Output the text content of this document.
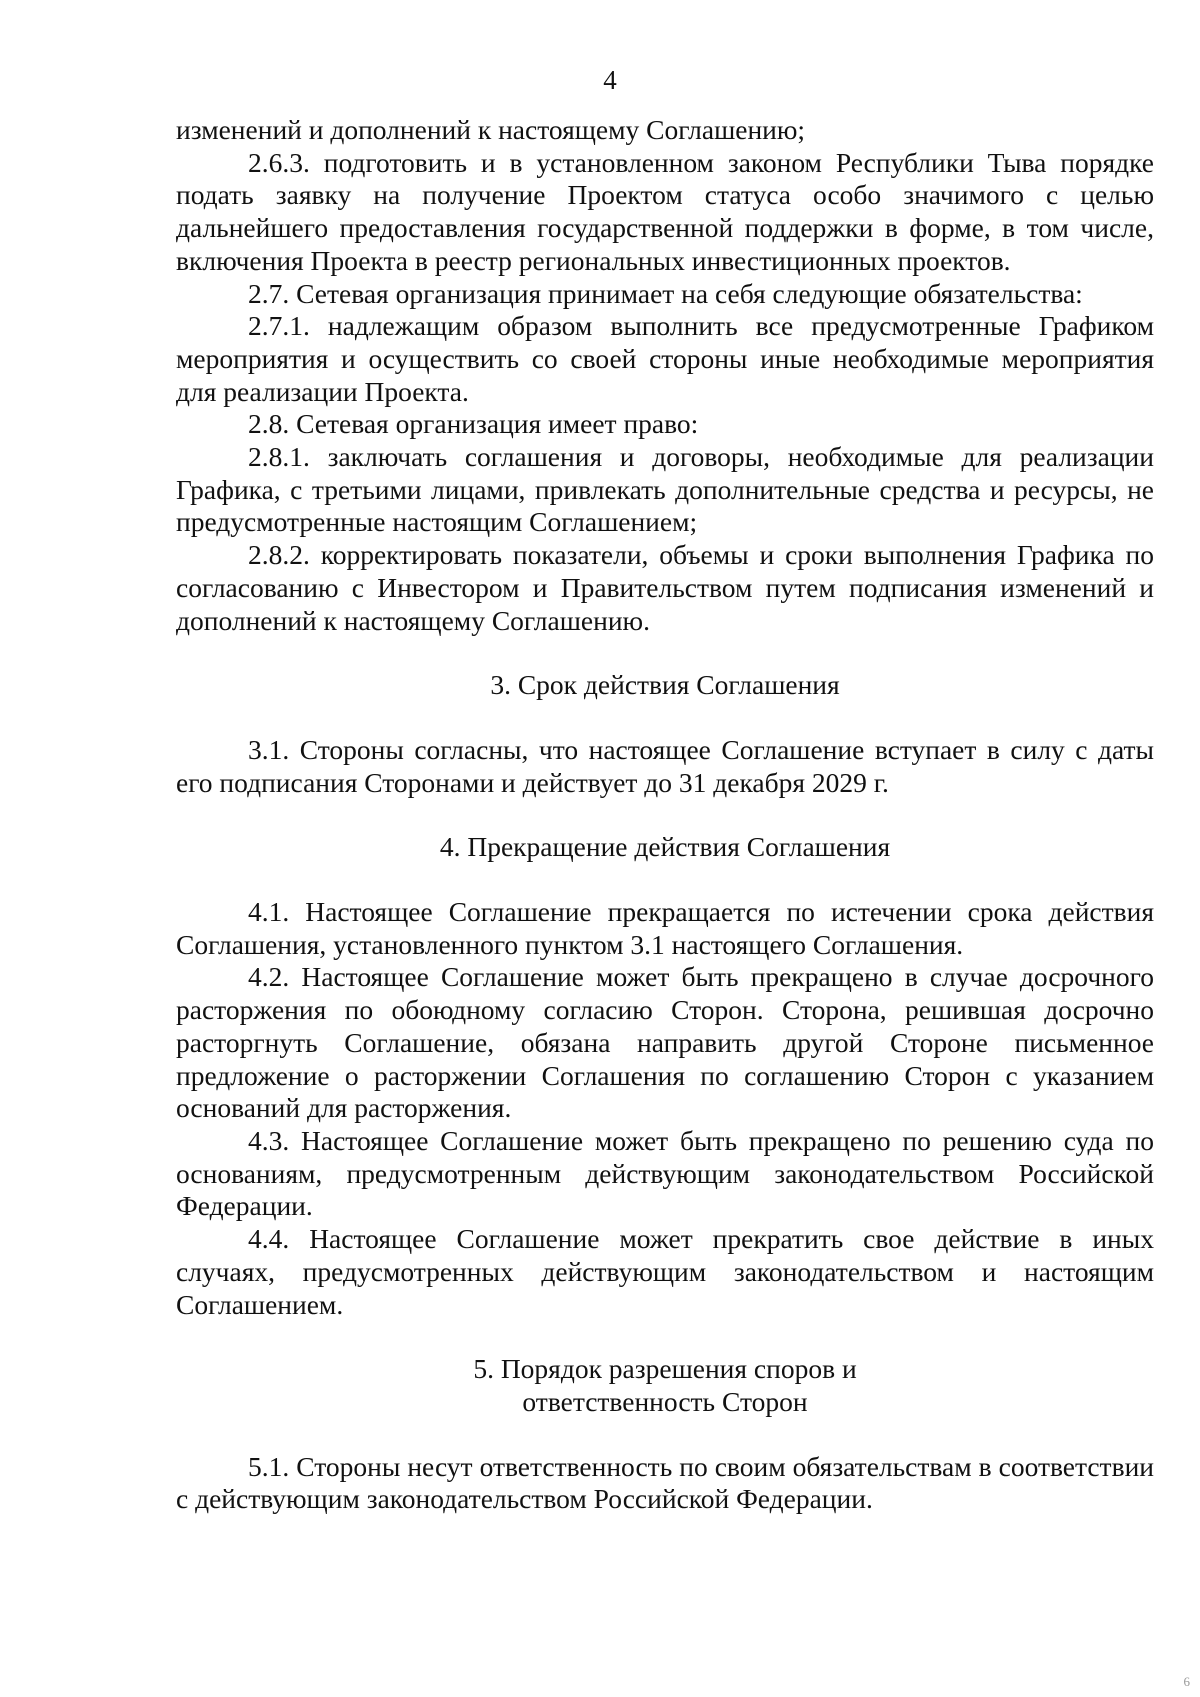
4

изменений и дополнений к настоящему Соглашению;

2.6.3. подготовить и в установленном законом Республики Тыва порядке подать заявку на получение Проектом статуса особо значимого с целью дальнейшего предоставления государственной поддержки в форме, в том числе, включения Проекта в реестр региональных инвестиционных проектов.

2.7. Сетевая организация принимает на себя следующие обязательства:

2.7.1. надлежащим образом выполнить все предусмотренные Графиком мероприятия и осуществить со своей стороны иные необходимые мероприятия для реализации Проекта.

2.8. Сетевая организация имеет право:

2.8.1. заключать соглашения и договоры, необходимые для реализации Графика, с третьими лицами, привлекать дополнительные средства и ресурсы, не предусмотренные настоящим Соглашением;

2.8.2. корректировать показатели, объемы и сроки выполнения Графика по согласованию с Инвестором и Правительством путем подписания изменений и дополнений к настоящему Соглашению.

3. Срок действия Соглашения

3.1. Стороны согласны, что настоящее Соглашение вступает в силу с даты его подписания Сторонами и действует до 31 декабря 2029 г.

4. Прекращение действия Соглашения

4.1. Настоящее Соглашение прекращается по истечении срока действия Соглашения, установленного пунктом 3.1 настоящего Соглашения.

4.2. Настоящее Соглашение может быть прекращено в случае досрочного расторжения по обоюдному согласию Сторон. Сторона, решившая досрочно расторгнуть Соглашение, обязана направить другой Стороне письменное предложение о расторжении Соглашения по соглашению Сторон с указанием оснований для расторжения.

4.3. Настоящее Соглашение может быть прекращено по решению суда по основаниям, предусмотренным действующим законодательством Российской Федерации.

4.4. Настоящее Соглашение может прекратить свое действие в иных случаях, предусмотренных действующим законодательством и настоящим Соглашением.

5. Порядок разрешения споров и

ответственность Сторон

5.1. Стороны несут ответственность по своим обязательствам в соответствии с действующим законодательством Российской Федерации.

6
